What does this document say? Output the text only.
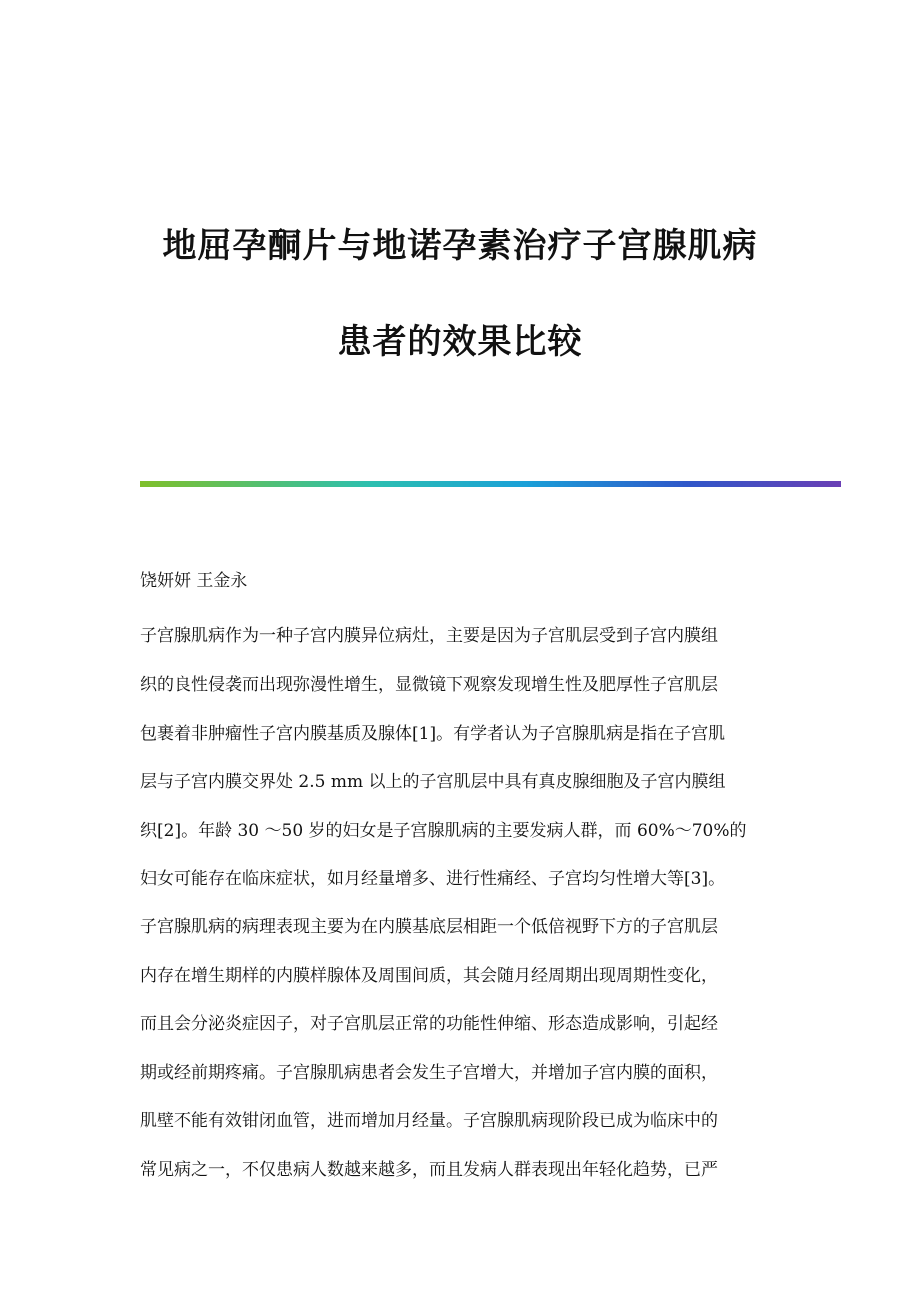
地屈孕酮片与地诺孕素治疗子宫腺肌病
患者的效果比较
饶妍妍 王金永
子宫腺肌病作为一种子宫内膜异位病灶，主要是因为子宫肌层受到子宫内膜组
织的良性侵袭而出现弥漫性增生，显微镜下观察发现增生性及肥厚性子宫肌层
包裹着非肿瘤性子宫内膜基质及腺体[1]。有学者认为子宫腺肌病是指在子宫肌
层与子宫内膜交界处 2.5 mm 以上的子宫肌层中具有真皮腺细胞及子宫内膜组
织[2]。年龄 30 ～50 岁的妇女是子宫腺肌病的主要发病人群，而 60%～70%的
妇女可能存在临床症状，如月经量增多、进行性痛经、子宫均匀性增大等[3]。
子宫腺肌病的病理表现主要为在内膜基底层相距一个低倍视野下方的子宫肌层
内存在增生期样的内膜样腺体及周围间质，其会随月经周期出现周期性变化，
而且会分泌炎症因子，对子宫肌层正常的功能性伸缩、形态造成影响，引起经
期或经前期疼痛。子宫腺肌病患者会发生子宫增大，并增加子宫内膜的面积，
肌壁不能有效钳闭血管，进而增加月经量。子宫腺肌病现阶段已成为临床中的
常见病之一，不仅患病人数越来越多，而且发病人群表现出年轻化趋势，已严
